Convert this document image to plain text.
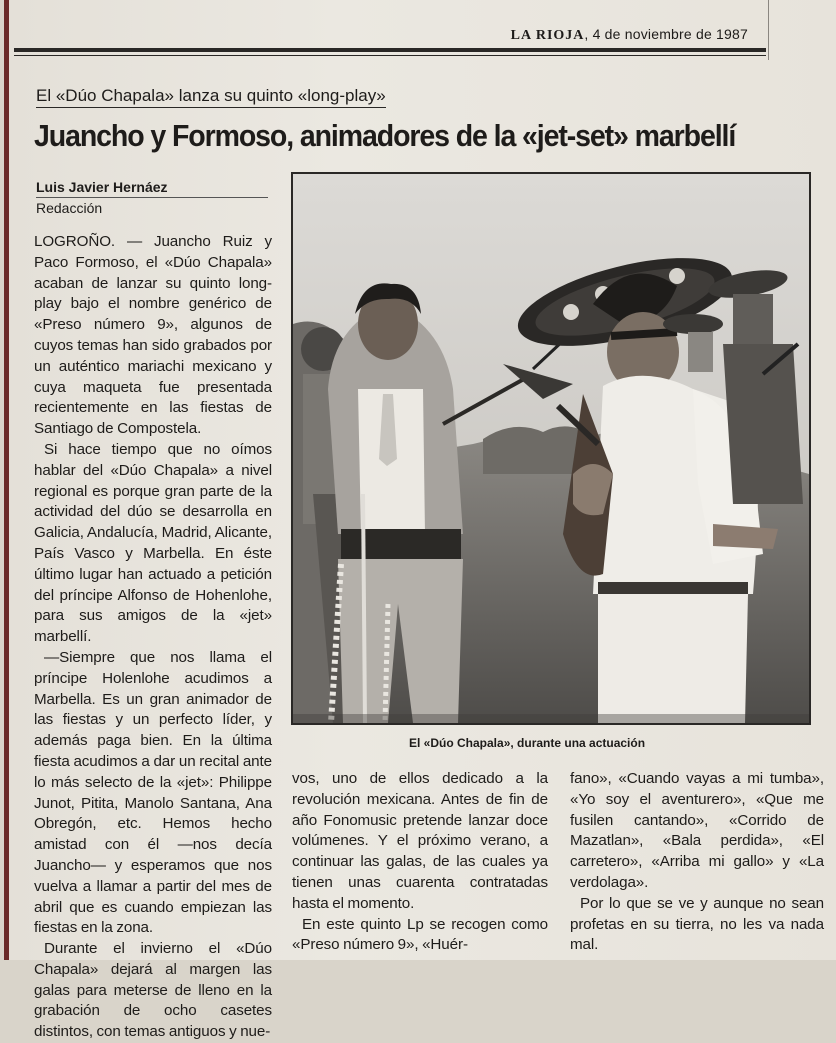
LA RIOJA, 4 de noviembre de 1987
El «Dúo Chapala» lanza su quinto «long-play»
Juancho y Formoso, animadores de la «jet-set» marbellí
Luis Javier Hernáez
Redacción

LOGROÑO. — Juancho Ruiz y Paco Formoso, el «Dúo Chapala» acaban de lanzar su quinto long-play bajo el nombre genérico de «Preso número 9», algunos de cuyos temas han sido grabados por un auténtico mariachi mexicano y cuya maqueta fue presentada recientemente en las fiestas de Santiago de Compostela.

Si hace tiempo que no oímos hablar del «Dúo Chapala» a nivel regional es porque gran parte de la actividad del dúo se desarrolla en Galicia, Andalucía, Madrid, Alicante, País Vasco y Marbella. En éste último lugar han actuado a petición del príncipe Alfonso de Hohenlohe, para sus amigos de la «jet» marbellí.

—Siempre que nos llama el príncipe Holenlohe acudimos a Marbella. Es un gran animador de las fiestas y un perfecto líder, y además paga bien. En la última fiesta acudimos a dar un recital ante lo más selecto de la «jet»: Philippe Junot, Pitita, Manolo Santana, Ana Obregón, etc. Hemos hecho amistad con él —nos decía Juancho— y esperamos que nos vuelva a llamar a partir del mes de abril que es cuando empiezan las fiestas en la zona.

Durante el invierno el «Dúo Chapala» dejará al margen las galas para meterse de lleno en la grabación de ocho casetes distintos, con temas antiguos y nue-

El «Dúo Chapala», durante una actuación

vos, uno de ellos dedicado a la revolución mexicana. Antes de fin de año Fonomusic pretende lanzar doce volúmenes. Y el próximo verano, a continuar las galas, de las cuales ya tienen unas cuarenta contratadas hasta el momento.

En este quinto Lp se recogen como «Preso número 9», «Huér-

fano», «Cuando vayas a mi tumba», «Yo soy el aventurero», «Que me fusilen cantando», «Corrido de Mazatlan», «Bala perdida», «El carretero», «Arriba mi gallo» y «La verdolaga».

Por lo que se ve y aunque no sean profetas en su tierra, no les va nada mal.
